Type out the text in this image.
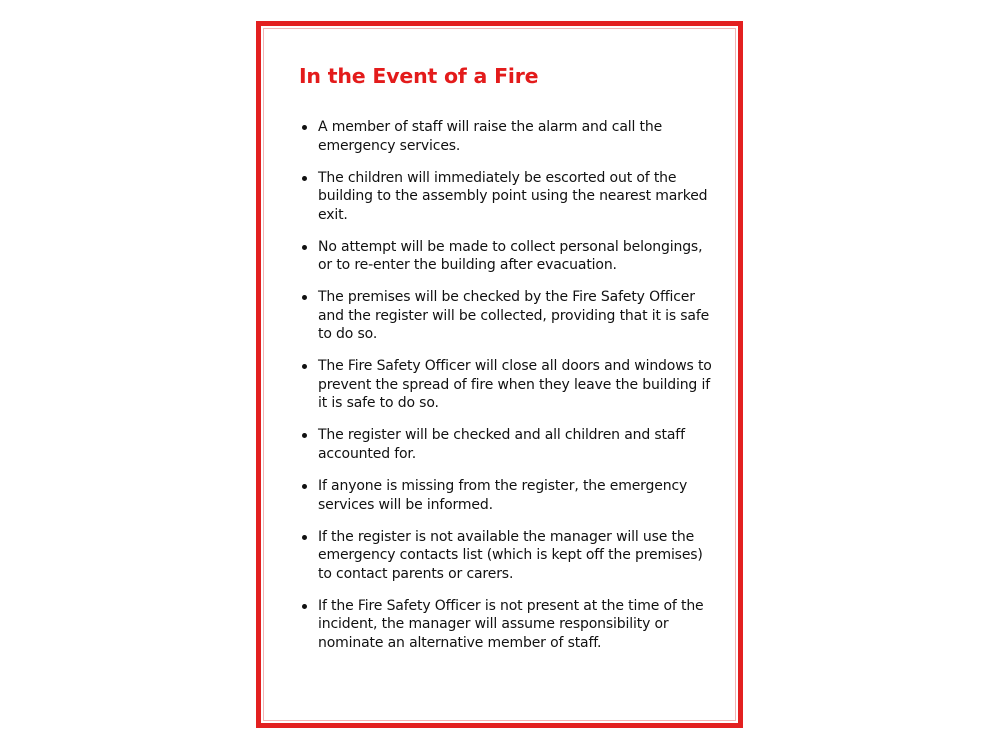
In the Event of a Fire
A member of staff will raise the alarm and call the emergency services.
The children will immediately be escorted out of the building to the assembly point using the nearest marked exit.
No attempt will be made to collect personal belongings, or to re-enter the building after evacuation.
The premises will be checked by the Fire Safety Officer and the register will be collected, providing that it is safe to do so.
The Fire Safety Officer will close all doors and windows to prevent the spread of fire when they leave the building if it is safe to do so.
The register will be checked and all children and staff accounted for.
If anyone is missing from the register, the emergency services will be informed.
If the register is not available the manager will use the emergency contacts list (which is kept off the premises) to contact parents or carers.
If the Fire Safety Officer is not present at the time of the incident, the manager will assume responsibility or nominate an alternative member of staff.
